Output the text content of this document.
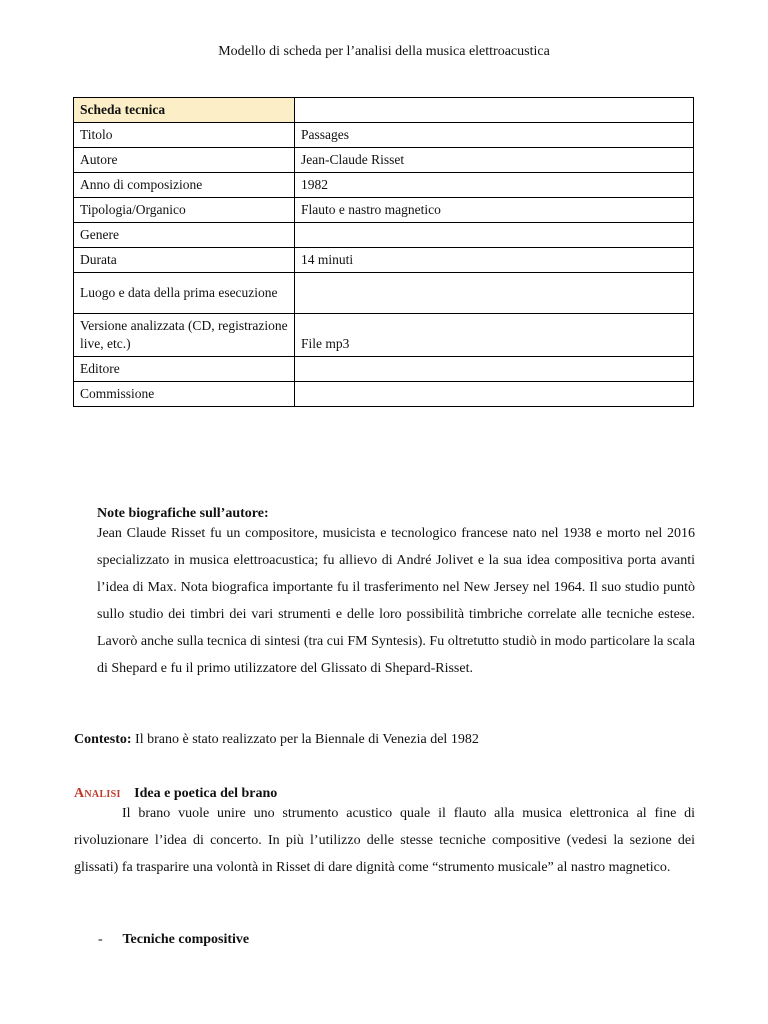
Modello di scheda per l’analisi della musica elettroacustica
Scheda tecnica	
Titolo	Passages
Autore	Jean-Claude Risset
Anno di composizione	1982
Tipologia/Organico	Flauto e nastro magnetico
Genere	
Durata	14 minuti
Luogo e data della prima esecuzione	
Versione analizzata (CD, registrazione live, etc.)	File mp3
Editore	
Commissione	
Note biografiche sull’autore:
Jean Claude Risset fu un compositore, musicista e tecnologico francese nato nel 1938 e morto nel 2016 specializzato in musica elettroacustica; fu allievo di André Jolivet e la sua idea compositiva porta avanti l’idea di Max. Nota biografica importante fu il trasferimento nel New Jersey nel 1964. Il suo studio puntò sullo studio dei timbri dei vari strumenti e delle loro possibilità timbriche correlate alle tecniche estese. Lavorò anche sulla tecnica di sintesi (tra cui FM Syntesis). Fu oltretutto studiò in modo particolare la scala di Shepard e fu il primo utilizzatore del Glissato di Shepard-Risset.
Contesto: Il brano è stato realizzato per la Biennale di Venezia del 1982
Analisi Idea e poetica del brano
Il brano vuole unire uno strumento acustico quale il flauto alla musica elettronica al fine di rivoluzionare l’idea di concerto. In più l’utilizzo delle stesse tecniche compositive (vedesi la sezione dei glissati) fa trasparire una volontà in Risset di dare dignità come “strumento musicale” al nastro magnetico.
- Tecniche compositive
